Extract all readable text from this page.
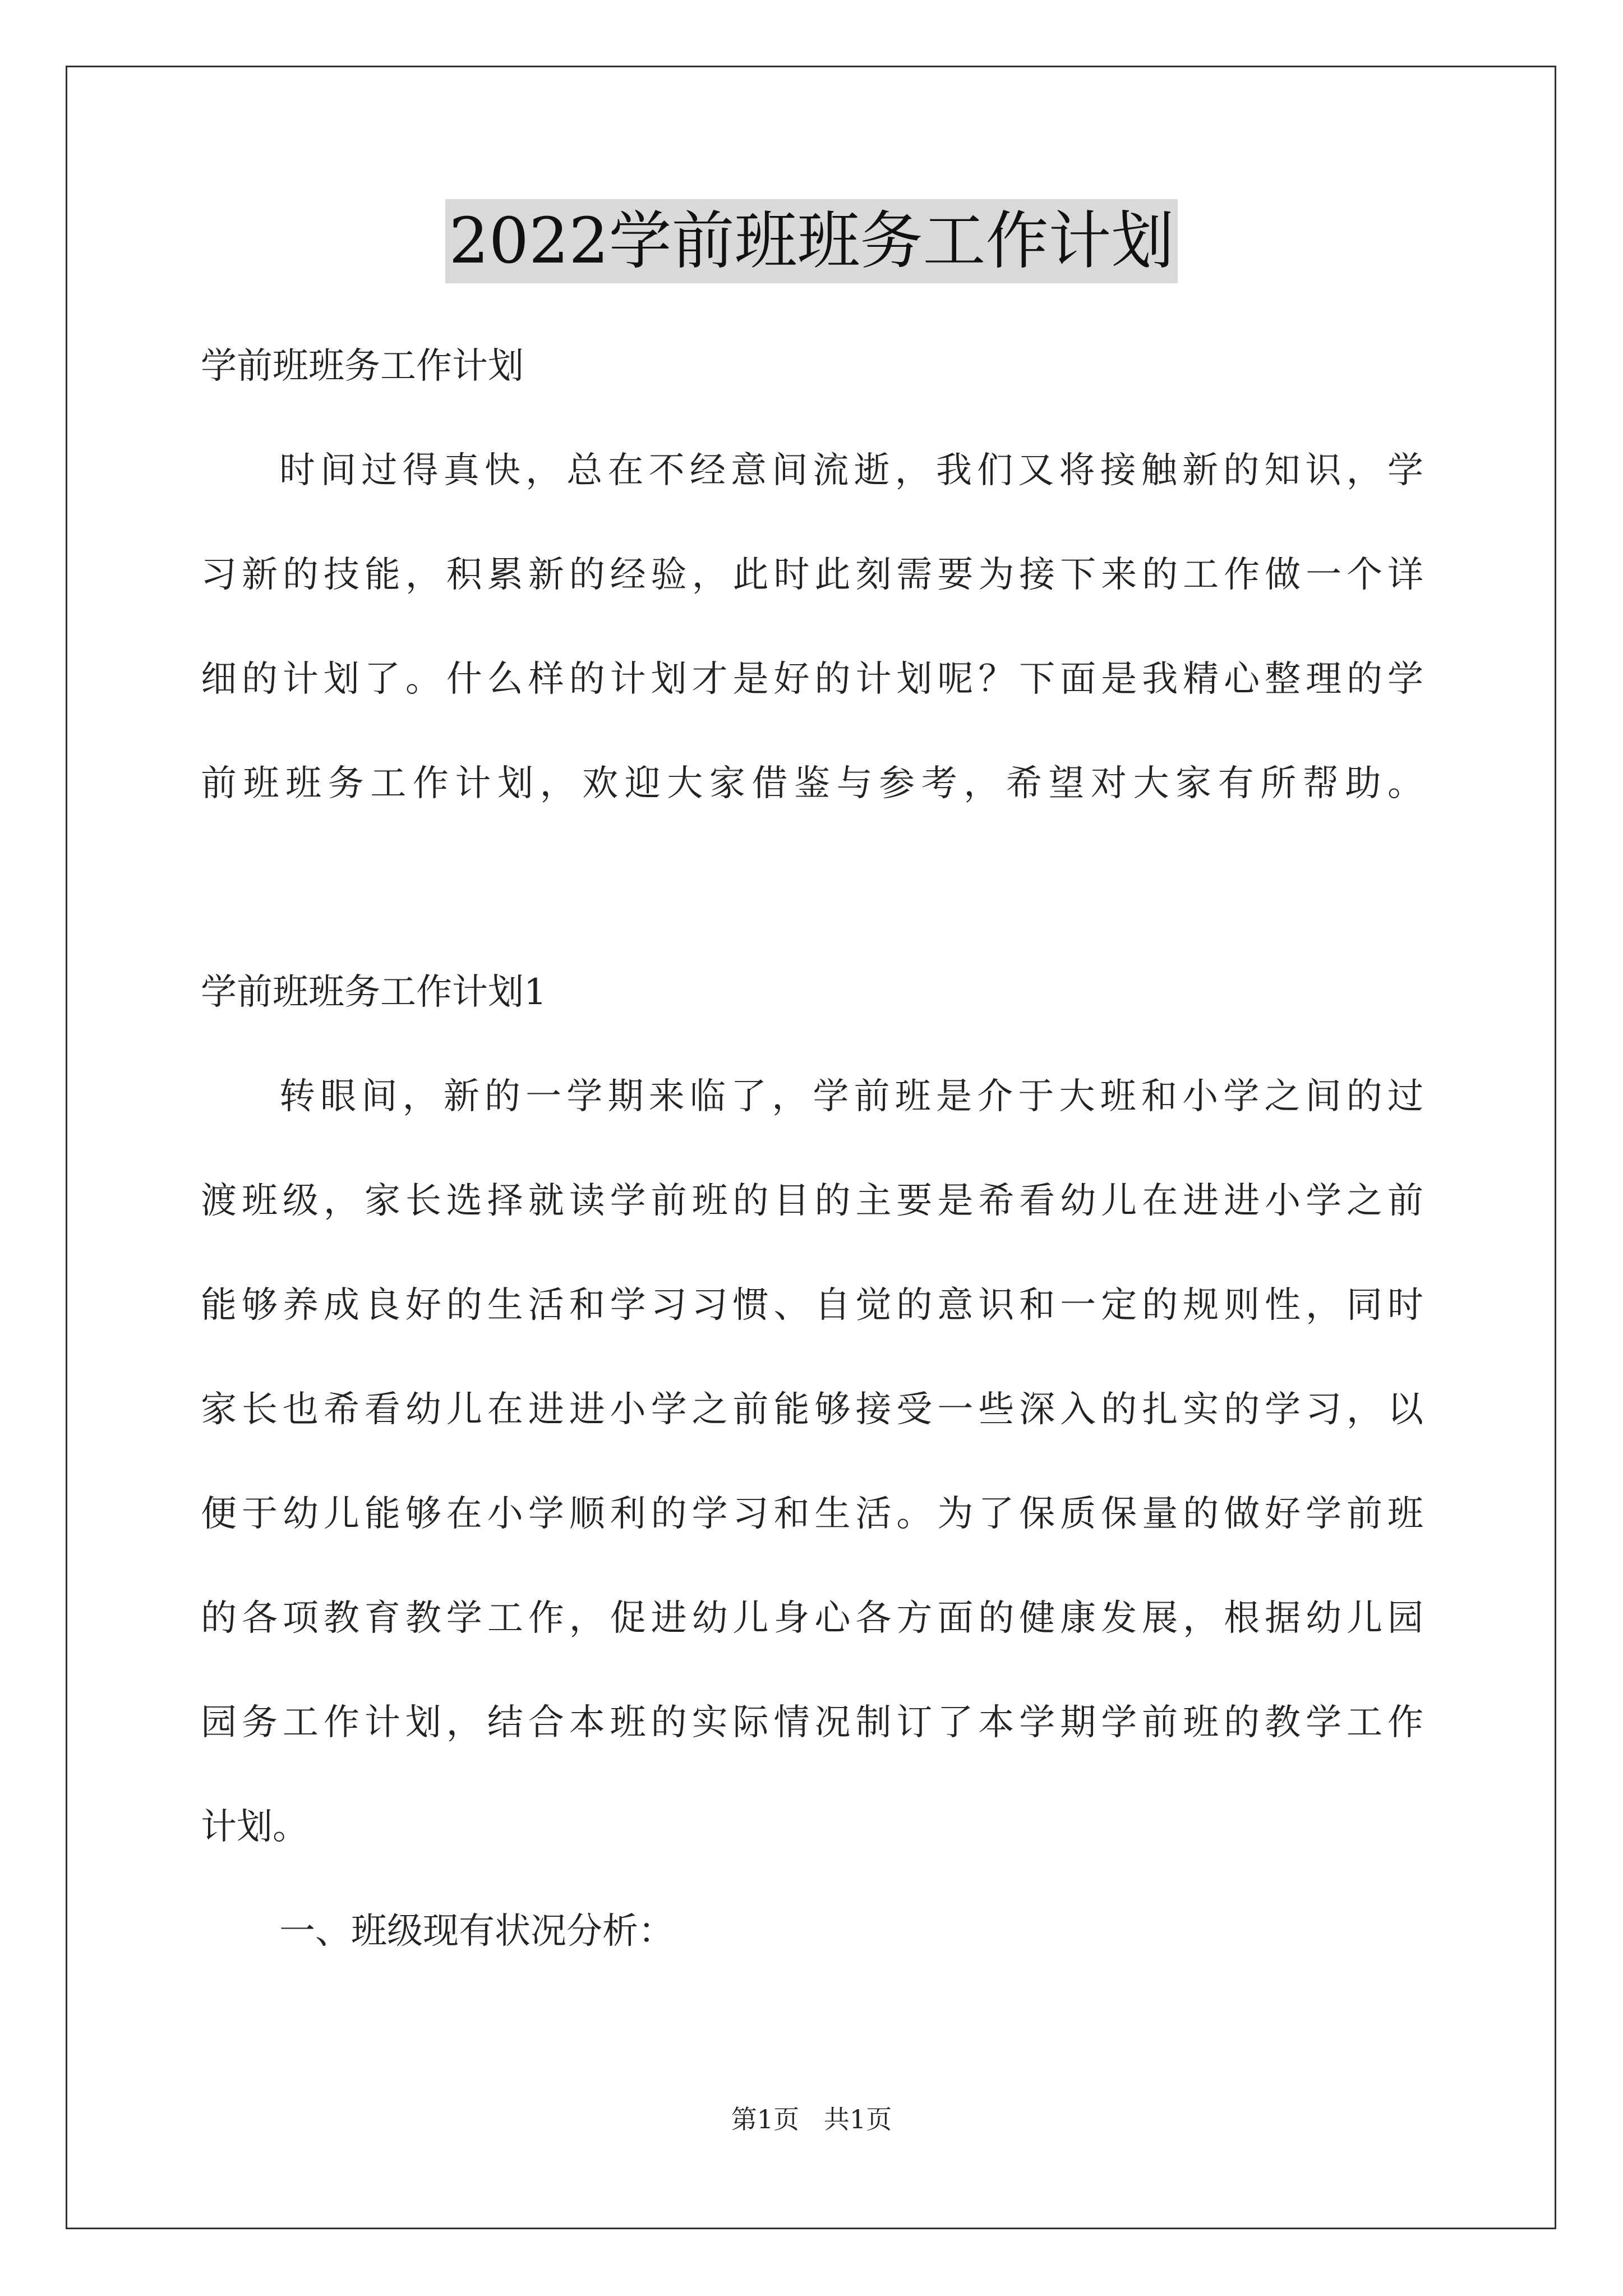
2022学前班班务工作计划
学前班班务工作计划
时间过得真快，总在不经意间流逝，我们又将接触新的知识，学
习新的技能，积累新的经验，此时此刻需要为接下来的工作做一个详
细的计划了。什么样的计划才是好的计划呢？下面是我精心整理的学
前班班务工作计划，欢迎大家借鉴与参考，希望对大家有所帮助。
学前班班务工作计划1
转眼间，新的一学期来临了，学前班是介于大班和小学之间的过
渡班级，家长选择就读学前班的目的主要是希看幼儿在进进小学之前
能够养成良好的生活和学习习惯、自觉的意识和一定的规则性，同时
家长也希看幼儿在进进小学之前能够接受一些深入的扎实的学习，以
便于幼儿能够在小学顺利的学习和生活。为了保质保量的做好学前班
的各项教育教学工作，促进幼儿身心各方面的健康发展，根据幼儿园
园务工作计划，结合本班的实际情况制订了本学期学前班的教学工作
计划。
一、班级现有状况分析：
第1页   共1页
